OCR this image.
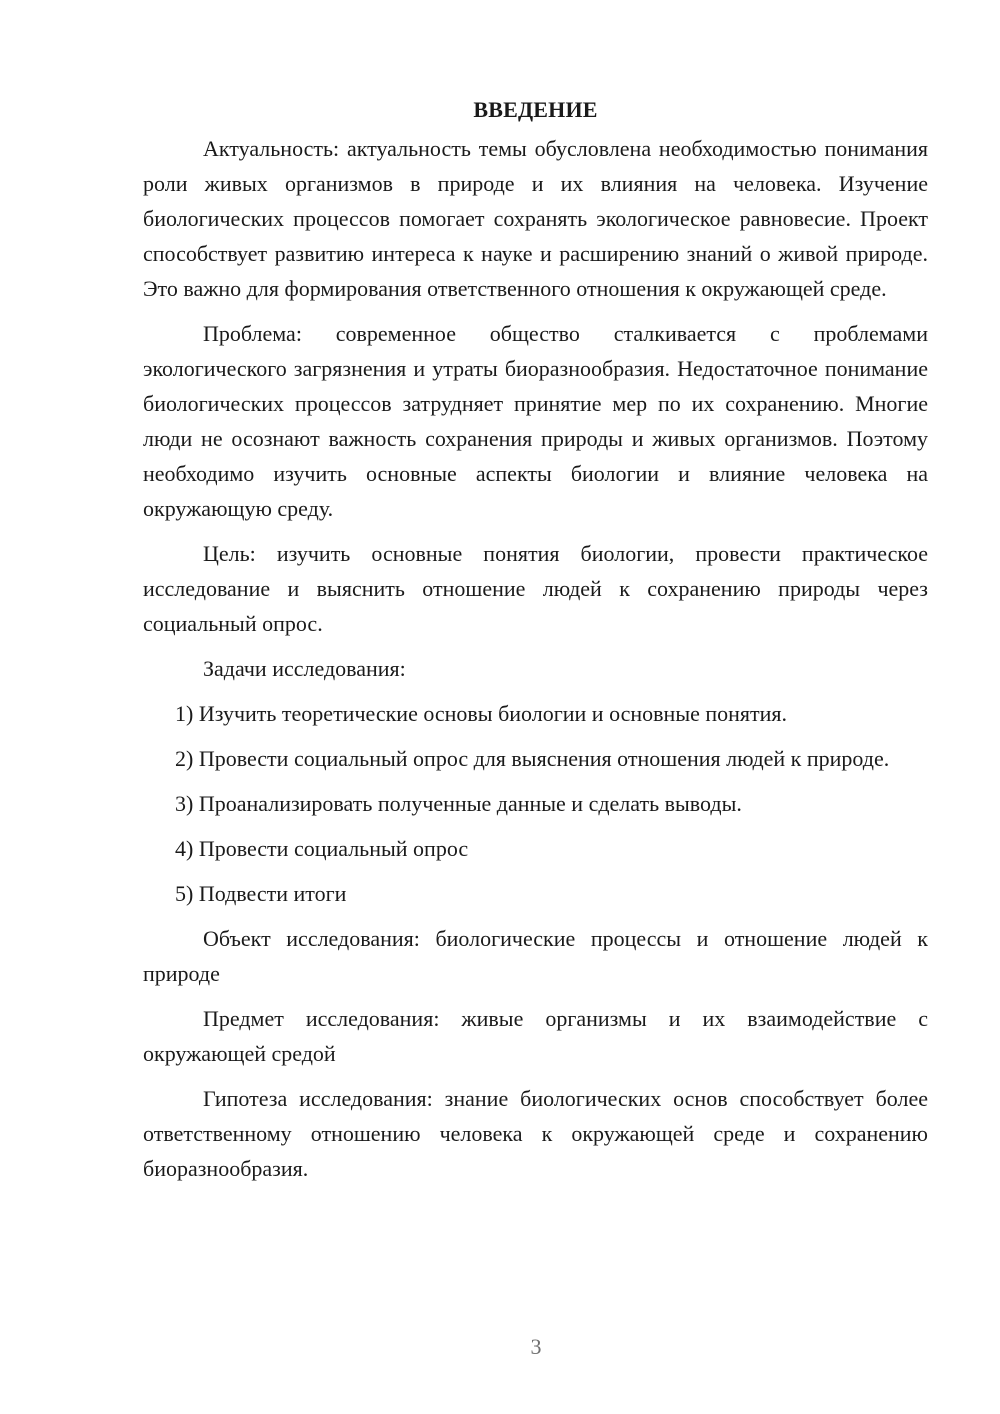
ВВЕДЕНИЕ

Актуальность: актуальность темы обусловлена необходимостью понимания роли живых организмов в природе и их влияния на человека. Изучение биологических процессов помогает сохранять экологическое равновесие. Проект способствует развитию интереса к науке и расширению знаний о живой природе. Это важно для формирования ответственного отношения к окружающей среде.

Проблема: современное общество сталкивается с проблемами экологического загрязнения и утраты биоразнообразия. Недостаточное понимание биологических процессов затрудняет принятие мер по их сохранению. Многие люди не осознают важность сохранения природы и живых организмов. Поэтому необходимо изучить основные аспекты биологии и влияние человека на окружающую среду.

Цель: изучить основные понятия биологии, провести практическое исследование и выяснить отношение людей к сохранению природы через социальный опрос.

Задачи исследования:

1) Изучить теоретические основы биологии и основные понятия.

2) Провести социальный опрос для выяснения отношения людей к природе.

3) Проанализировать полученные данные и сделать выводы.

4) Провести социальный опрос

5) Подвести итоги

Объект исследования: биологические процессы и отношение людей к природе

Предмет исследования: живые организмы и их взаимодействие с окружающей средой

Гипотеза исследования: знание биологических основ способствует более ответственному отношению человека к окружающей среде и сохранению биоразнообразия.

3
